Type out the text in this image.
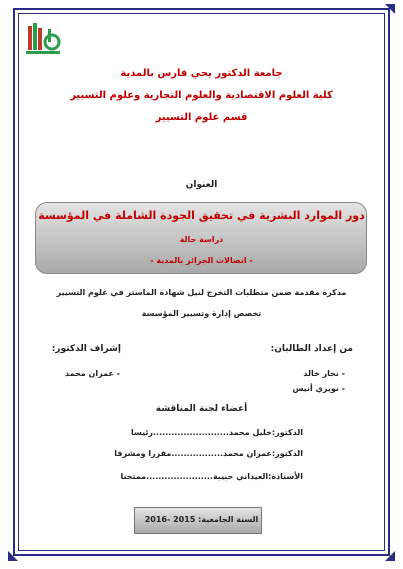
جامعة الدكتور يحي فارس بالمدية
كلية العلوم الاقتصادية والعلوم التجارية وعلوم التسيير
قسم علوم التسيير
العنوان
دور الموارد البشرية في تحقيق الجودة الشاملة في المؤسسة
دراسة حالة
- اتصالات الجزائر بالمدية -
مذكرة مقدمة ضمن متطلبات التخرج لنيل شهادة الماستر في علوم التسيير
تخصص إدارة وتسيير المؤسسة
من إعداد الطالبان:
إشراف الدكتور:
- نجار خالد
- نويري أنيس
- عمران محمد
أعضاء لجنة المناقشة
الدكتور:خليل محمد.........................رئيسا
الدكتور:عمران محمد.................مقررا ومشرفا
الأستاذة:العيداني حبيبة......................ممتحنا
السنة الجامعية: 2015 -2016
